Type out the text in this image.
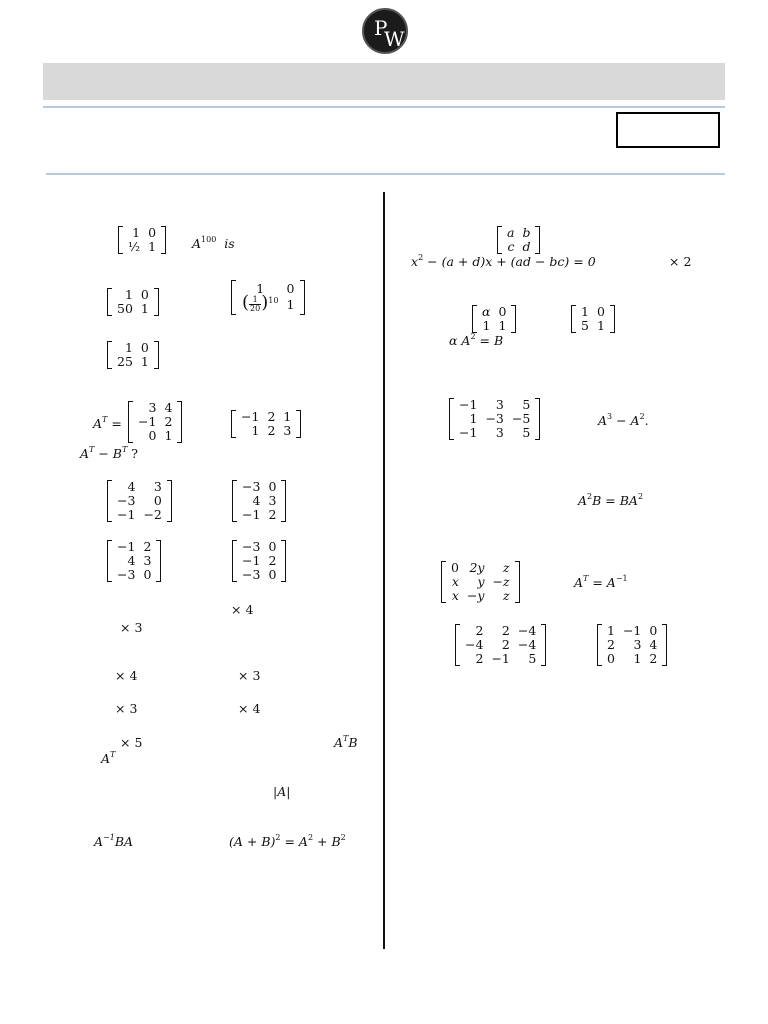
P
W
1	0
½	1	$A^{100}$ is
1	0
50	1
1	0
( $\frac{1}{20} )^{10}$	1
1	0
25	1
$A^T$ =
3	4
−1	2
0	1
−1	2	1
1	2	3
$A^T - B^T$ ?
4	3
−3	0
−1	−2
−3	0
4	3
−1	2
−1	2
4	3
−3	0
−3	0
−1	2
−3	0
× 4
× 3
× 4	× 3
× 3	× 4
× 5	$A^TB$
$A^T$
|A|
$A^{-1}BA$	$(A + B)^2 = A^2 + B^2$
a	b
c	d
$x^2 - (a + d)x + (ad - bc) = 0$	× 2
α	0
1	1
1	0
5	1
α $A^2 = B$
−1	3	5
1	−3	−5
−1	3	5
$A^3 - A^2$.
$A^2B = BA^2$
0	2y	z
x	y	−z
x	−y	z
$A^T = A^{-1}$
2	2	−4
−4	2	−4
2	−1	5
1	−1	0
2	3	4
0	1	2
